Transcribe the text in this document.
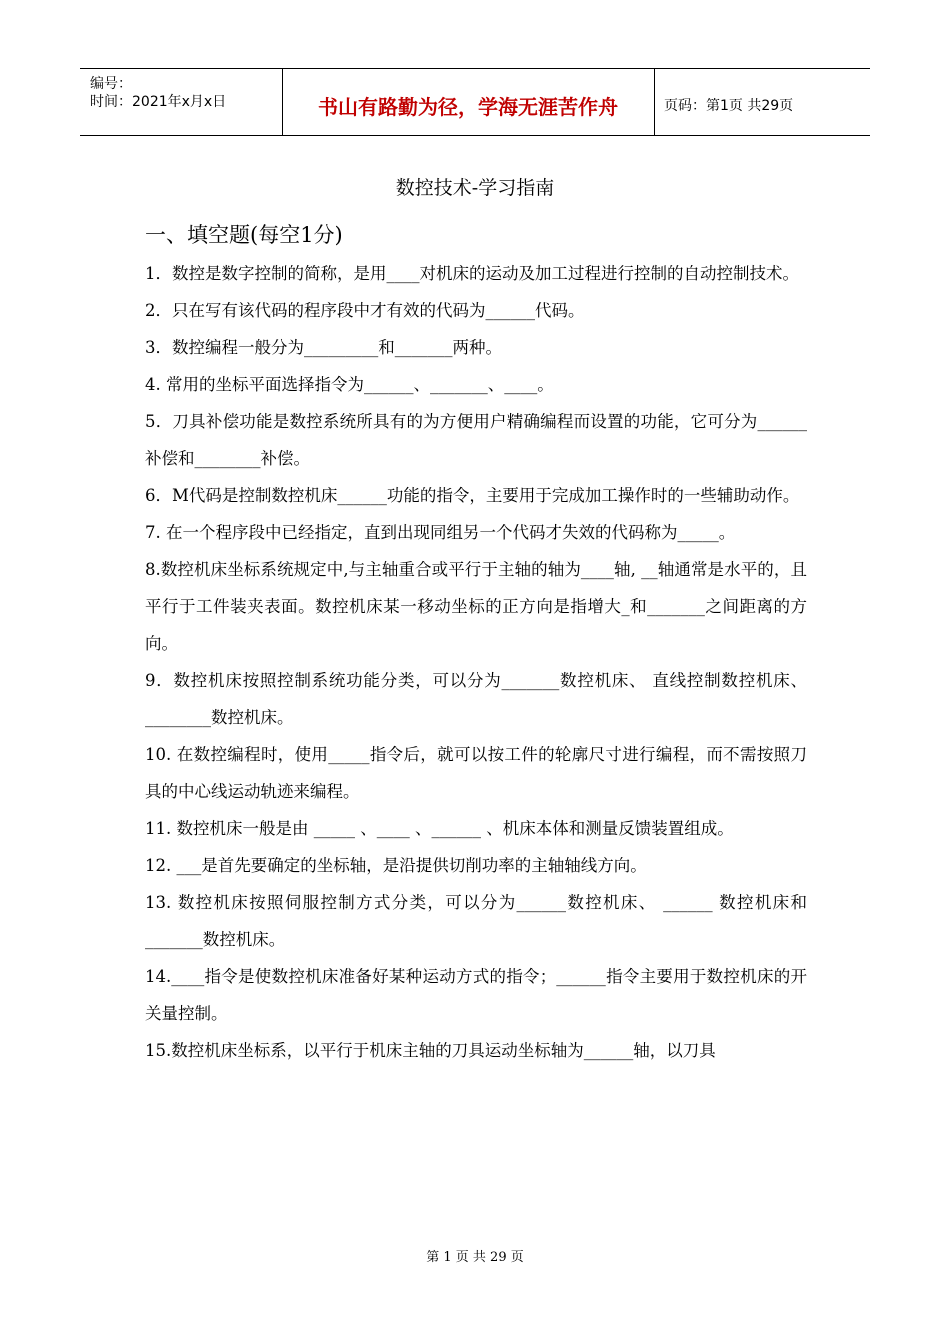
编号：
时间：2021年x月x日	书山有路勤为径，学海无涯苦作舟	页码：第1页 共29页
数控技术-学习指南
一、填空题(每空1分)

1．数控是数字控制的简称，是用____对机床的运动及加工过程进行控制的自动控制技术。

2．只在写有该代码的程序段中才有效的代码为______代码。

3．数控编程一般分为_________和_______两种。

4. 常用的坐标平面选择指令为______、_______、____。

5．刀具补偿功能是数控系统所具有的为方便用户精确编程而设置的功能，它可分为______补偿和________补偿。

6．M代码是控制数控机床______功能的指令，主要用于完成加工操作时的一些辅助动作。

7. 在一个程序段中已经指定，直到出现同组另一个代码才失效的代码称为_____。

8.数控机床坐标系统规定中,与主轴重合或平行于主轴的轴为____轴, __轴通常是水平的，且平行于工件装夹表面。数控机床某一移动坐标的正方向是指增大_和_______之间距离的方向。

9．数控机床按照控制系统功能分类，可以分为_______数控机床、 直线控制数控机床、________数控机床。

10. 在数控编程时，使用_____指令后，就可以按工件的轮廓尺寸进行编程，而不需按照刀具的中心线运动轨迹来编程。

11. 数控机床一般是由 _____ 、____ 、______ 、机床本体和测量反馈装置组成。

12. ___是首先要确定的坐标轴，是沿提供切削功率的主轴轴线方向。

13. 数控机床按照伺服控制方式分类，可以分为______数控机床、 ______ 数控机床和_______数控机床。

14.____指令是使数控机床准备好某种运动方式的指令；______指令主要用于数控机床的开关量控制。

15.数控机床坐标系，以平行于机床主轴的刀具运动坐标轴为______轴，以刀具

第 1 页 共 29 页
